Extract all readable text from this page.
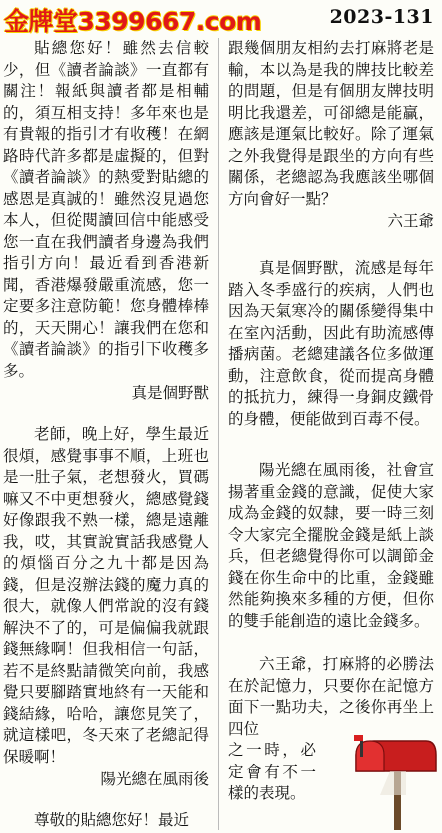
金牌堂3399667.com	2023-131

貼總您好！雖然去信較少，但《讀者論談》一直都有關注！報紙與讀者都是相輔的，須互相支持！多年來也是有貴報的指引才有收穫！在網路時代許多都是虛擬的，但對《讀者論談》的熱愛對貼總的感恩是真誠的！雖然沒見過您本人，但從閱讀回信中能感受您一直在我們讀者身邊為我們指引方向！最近看到香港新聞，香港爆發嚴重流感，您一定要多注意防範！您身體棒棒的，天天開心！讓我們在您和《讀者論談》的指引下收穫多多。

真是個野獸

老師，晚上好，學生最近很煩，感覺事事不順，上班也是一肚子氣，老想發火，買碼嘛又不中更想發火，總感覺錢好像跟我不熟一樣，總是遠離我，哎，其實說實話我感覺人的煩惱百分之九十都是因為錢，但是沒辦法錢的魔力真的很大，就像人們常說的沒有錢解決不了的，可是偏偏我就跟錢無緣啊！但我相信一句話，若不是終點請微笑向前，我感覺只要腳踏實地終有一天能和錢結緣，哈哈，讓您見笑了，就這樣吧，冬天來了老總記得保暖啊！

陽光總在風雨後

尊敬的貼總您好！最近

跟幾個朋友相約去打麻將老是輸，本以為是我的牌技比較差的問題，但是有個朋友牌技明明比我還差，可卻總是能贏，應該是運氣比較好。除了運氣之外我覺得是跟坐的方向有些關係，老總認為我應該坐哪個方向會好一點？

六王爺

真是個野獸，流感是每年踏入冬季盛行的疾病，人們也因為天氣寒冷的關係變得集中在室內活動，因此有助流感傳播病菌。老總建議各位多做運動，注意飲食，從而提高身體的抵抗力，練得一身銅皮鐵骨的身體，便能做到百毒不侵。

陽光總在風雨後，社會宣揚著重金錢的意識，促使大家成為金錢的奴隸，要一時三刻令大家完全擺脫金錢是紙上談兵，但老總覺得你可以調節金錢在你生命中的比重，金錢雖然能夠換來多種的方便，但你的雙手能創造的遠比金錢多。

六王爺，打麻將的必勝法在於記憶力，只要你在記憶方面下一點功夫，之後你再坐上四位

之一時，必定會有不一樣的表現。
